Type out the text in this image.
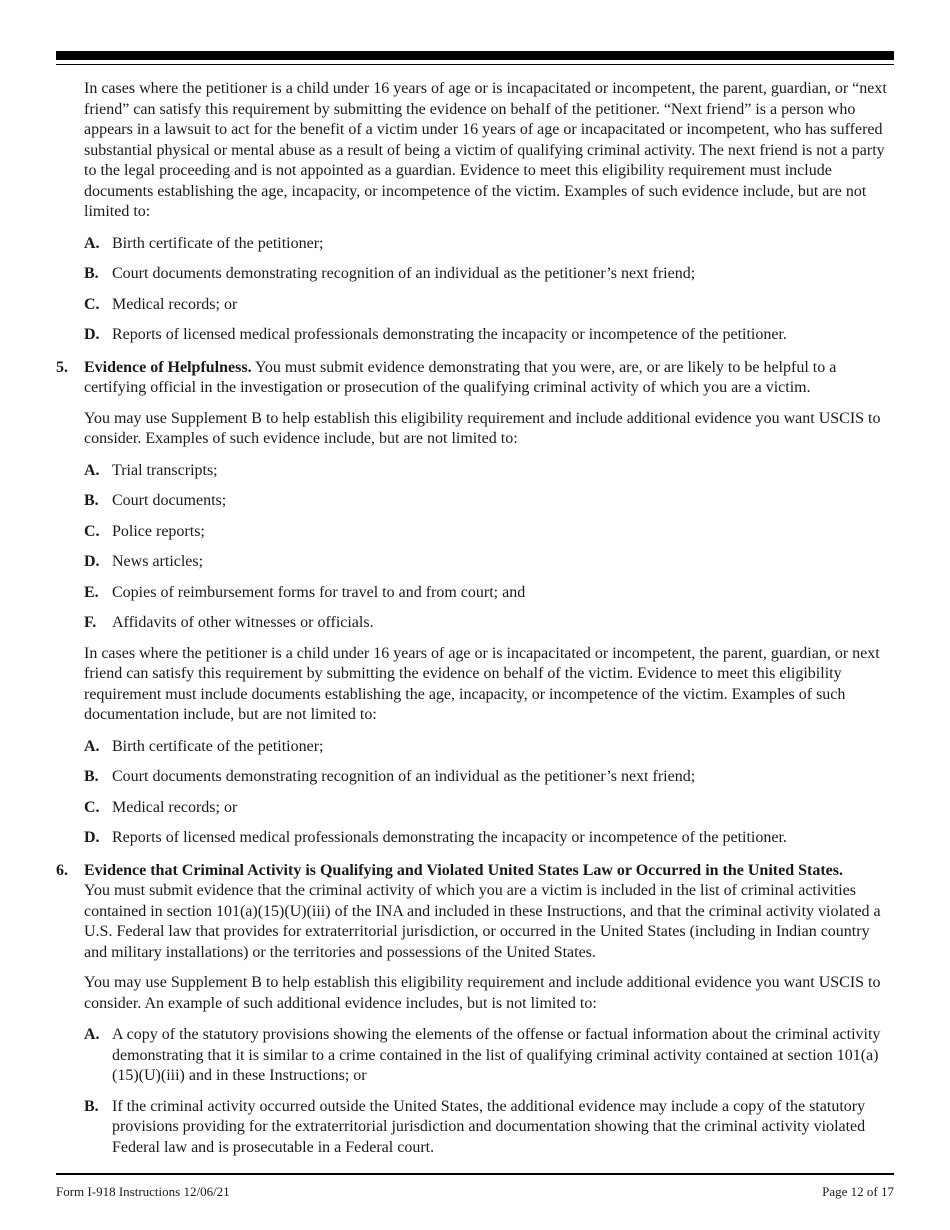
In cases where the petitioner is a child under 16 years of age or is incapacitated or incompetent, the parent, guardian, or “next friend” can satisfy this requirement by submitting the evidence on behalf of the petitioner. “Next friend” is a person who appears in a lawsuit to act for the benefit of a victim under 16 years of age or incapacitated or incompetent, who has suffered substantial physical or mental abuse as a result of being a victim of qualifying criminal activity. The next friend is not a party to the legal proceeding and is not appointed as a guardian. Evidence to meet this eligibility requirement must include documents establishing the age, incapacity, or incompetence of the victim. Examples of such evidence include, but are not limited to:

A. Birth certificate of the petitioner;
B. Court documents demonstrating recognition of an individual as the petitioner’s next friend;
C. Medical records; or
D. Reports of licensed medical professionals demonstrating the incapacity or incompetence of the petitioner.
5.	Evidence of Helpfulness. You must submit evidence demonstrating that you were, are, or are likely to be helpful to a certifying official in the investigation or prosecution of the qualifying criminal activity of which you are a victim.

You may use Supplement B to help establish this eligibility requirement and include additional evidence you want USCIS to consider. Examples of such evidence include, but are not limited to:

A. Trial transcripts;
B. Court documents;
C. Police reports;
D. News articles;
E. Copies of reimbursement forms for travel to and from court; and
F. Affidavits of other witnesses or officials.

In cases where the petitioner is a child under 16 years of age or is incapacitated or incompetent, the parent, guardian, or next friend can satisfy this requirement by submitting the evidence on behalf of the victim. Evidence to meet this eligibility requirement must include documents establishing the age, incapacity, or incompetence of the victim. Examples of such documentation include, but are not limited to:

A. Birth certificate of the petitioner;
B. Court documents demonstrating recognition of an individual as the petitioner’s next friend;
C. Medical records; or
D. Reports of licensed medical professionals demonstrating the incapacity or incompetence of the petitioner.
6.	Evidence that Criminal Activity is Qualifying and Violated United States Law or Occurred in the United States.

You must submit evidence that the criminal activity of which you are a victim is included in the list of criminal activities contained in section 101(a)(15)(U)(iii) of the INA and included in these Instructions, and that the criminal activity violated a U.S. Federal law that provides for extraterritorial jurisdiction, or occurred in the United States (including in Indian country and military installations) or the territories and possessions of the United States.

You may use Supplement B to help establish this eligibility requirement and include additional evidence you want USCIS to consider. An example of such additional evidence includes, but is not limited to:

A. A copy of the statutory provisions showing the elements of the offense or factual information about the criminal activity demonstrating that it is similar to a crime contained in the list of qualifying criminal activity contained at section 101(a)(15)(U)(iii) and in these Instructions; or
B. If the criminal activity occurred outside the United States, the additional evidence may include a copy of the statutory provisions providing for the extraterritorial jurisdiction and documentation showing that the criminal activity violated Federal law and is prosecutable in a Federal court.
Form I-918 Instructions 12/06/21	Page 12 of 17
